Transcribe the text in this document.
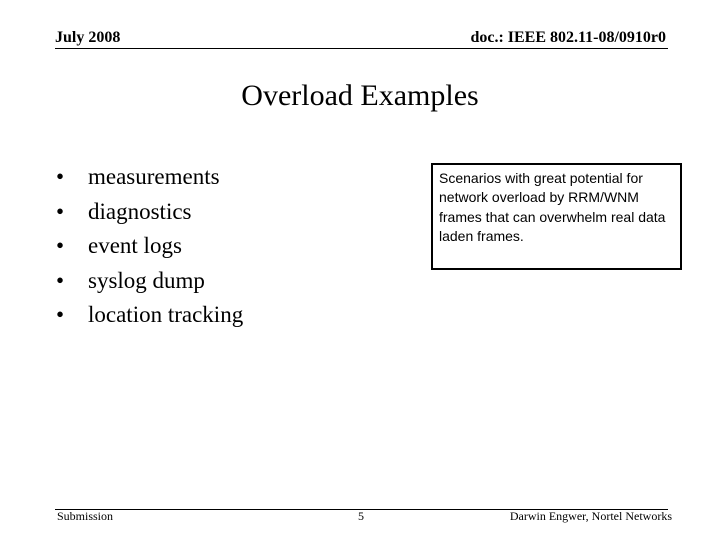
July 2008	doc.: IEEE 802.11-08/0910r0
Overload Examples
•	measurements
•	diagnostics
•	event logs
•	syslog dump
•	location tracking
Scenarios with great potential for network overload by RRM/WNM frames that can overwhelm real data laden frames.
Submission	5	Darwin Engwer, Nortel Networks
